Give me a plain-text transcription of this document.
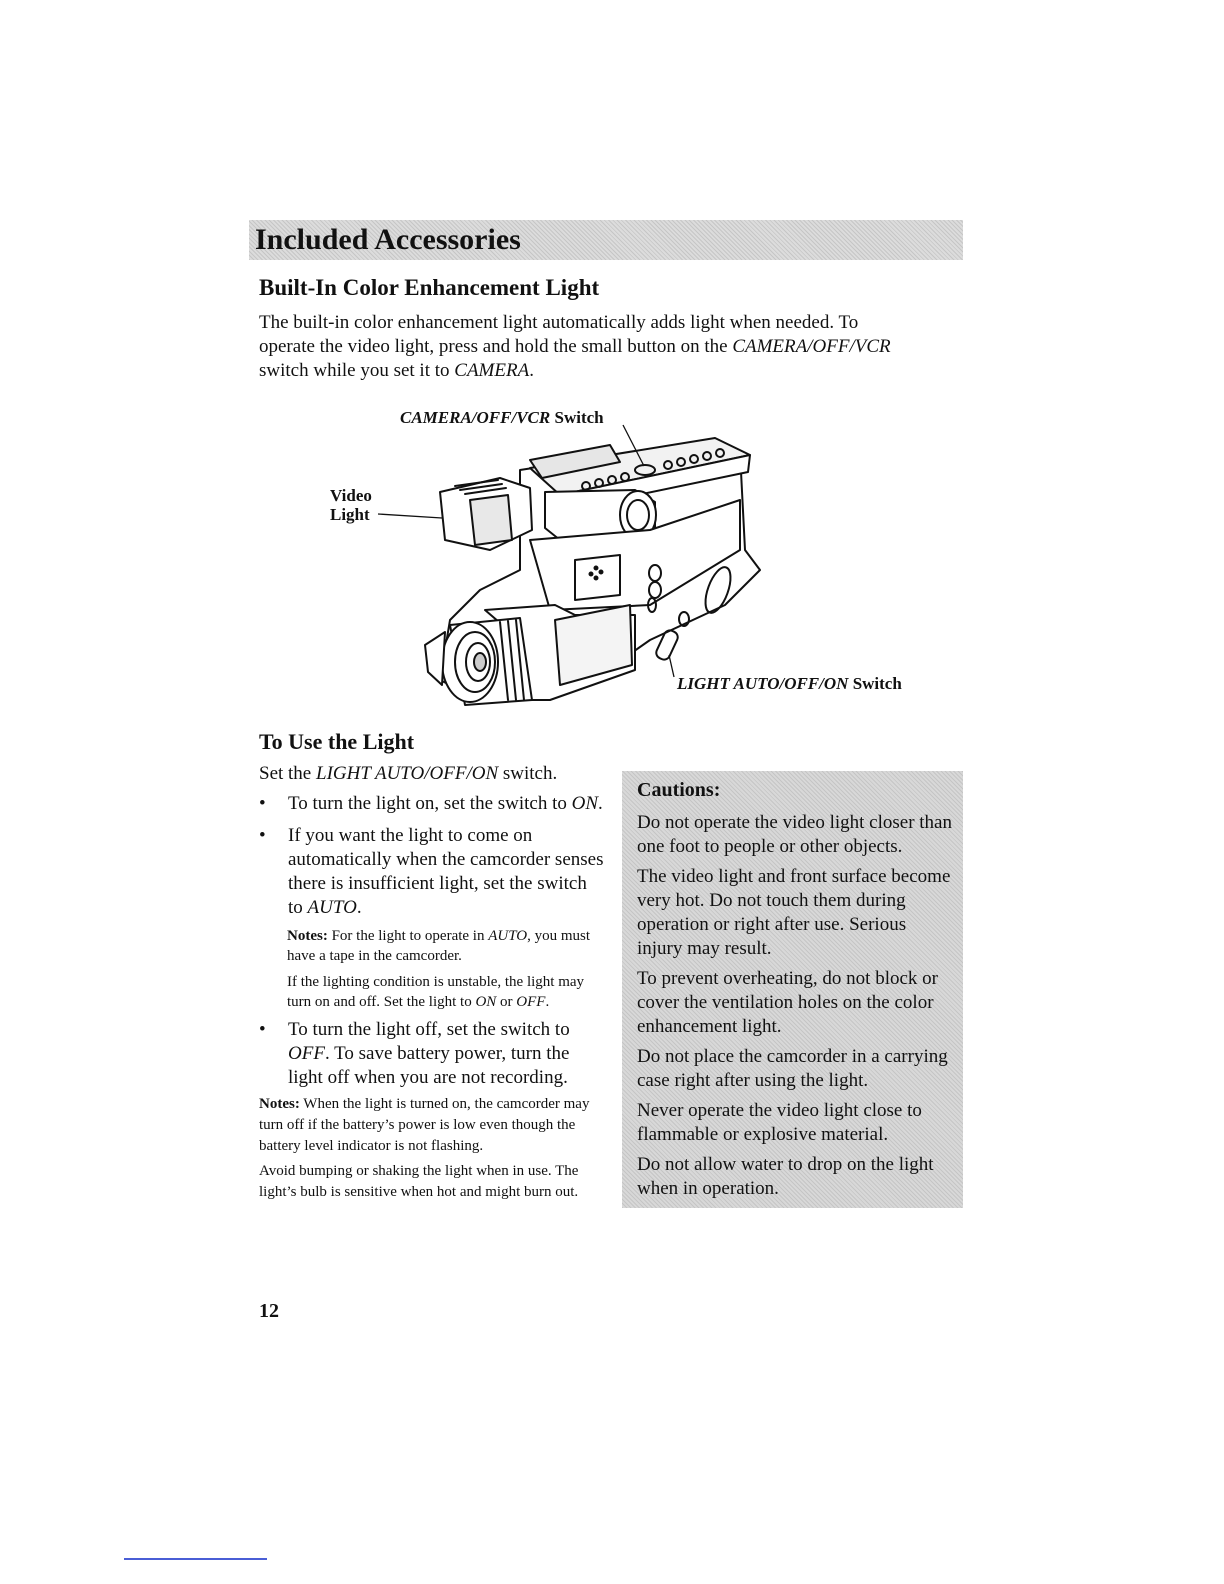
Included Accessories
Built-In Color Enhancement Light

The built-in color enhancement light automatically adds light when needed. To operate the video light, press and hold the small button on the CAMERA/OFF/VCR switch while you set it to CAMERA.

CAMERA/OFF/VCR Switch
Video
Light
LIGHT AUTO/OFF/ON Switch
To Use the Light

Set the LIGHT AUTO/OFF/ON switch.

• To turn the light on, set the switch to ON.
• If you want the light to come on automatically when the camcorder senses there is insufficient light, set the switch to AUTO.

Notes: For the light to operate in AUTO, you must have a tape in the camcorder.

If the lighting condition is unstable, the light may turn on and off. Set the light to ON or OFF.

• To turn the light off, set the switch to OFF. To save battery power, turn the light off when you are not recording.

Notes: When the light is turned on, the camcorder may turn off if the battery’s power is low even though the battery level indicator is not flashing.

Avoid bumping or shaking the light when in use. The light’s bulb is sensitive when hot and might burn out.

12
Cautions:

Do not operate the video light closer than one foot to people or other objects.

The video light and front surface become very hot. Do not touch them during operation or right after use. Serious injury may result.

To prevent overheating, do not block or cover the ventilation holes on the color enhancement light.

Do not place the camcorder in a carrying case right after using the light.

Never operate the video light close to flammable or explosive material.

Do not allow water to drop on the light when in operation.
